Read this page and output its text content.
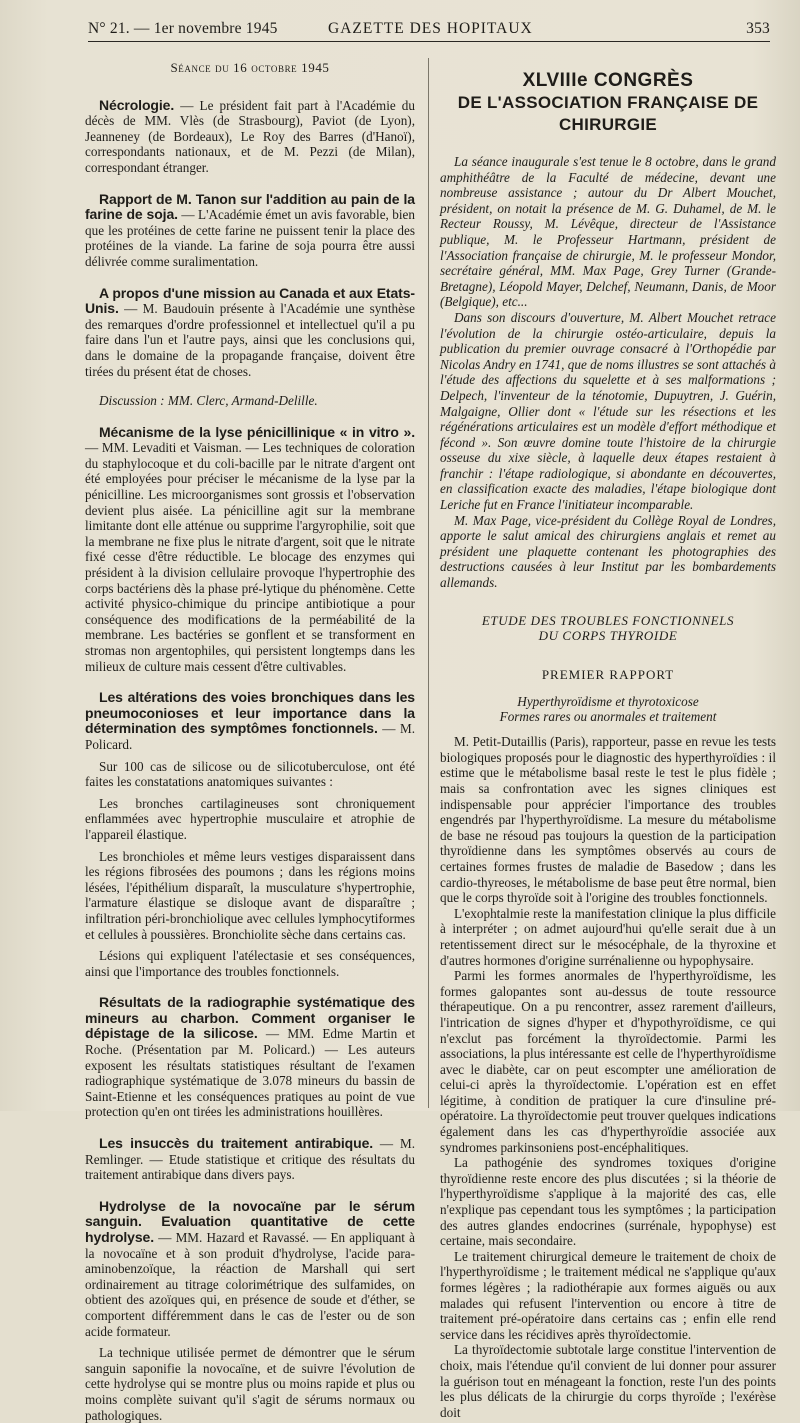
N° 21. — 1er novembre 1945	GAZETTE DES HOPITAUX	353

Séance du 16 octobre 1945

Nécrologie. — Le président fait part à l'Académie du décès de MM. Vlès (de Strasbourg), Paviot (de Lyon), Jeanneney (de Bordeaux), Le Roy des Barres (d'Hanoï), correspondants nationaux, et de M. Pezzi (de Milan), correspondant étranger.

Rapport de M. Tanon sur l'addition au pain de la farine de soja. — L'Académie émet un avis favorable, bien que les protéines de cette farine ne puissent tenir la place des protéines de la viande. La farine de soja pourra être aussi délivrée comme suralimentation.

A propos d'une mission au Canada et aux Etats-Unis. — M. Baudouin présente à l'Académie une synthèse des remarques d'ordre professionnel et intellectuel qu'il a pu faire dans l'un et l'autre pays, ainsi que les conclusions qui, dans le domaine de la propagande française, doivent être tirées du présent état de choses.

Discussion : MM. Clerc, Armand-Delille.

Mécanisme de la lyse pénicillinique « in vitro ». — MM. Levaditi et Vaisman. — Les techniques de coloration du staphylocoque et du coli-bacille par le nitrate d'argent ont été employées pour préciser le mécanisme de la lyse par la pénicilline. Les microorganismes sont grossis et l'observation devient plus aisée. La pénicilline agit sur la membrane limitante dont elle atténue ou supprime l'argyrophilie, soit que la membrane ne fixe plus le nitrate d'argent, soit que le nitrate fixé cesse d'être réductible. Le blocage des enzymes qui président à la division cellulaire provoque l'hypertrophie des corps bactériens dès la phase pré-lytique du phénomène. Cette activité physico-chimique du principe antibiotique a pour conséquence des modifications de la perméabilité de la membrane. Les bactéries se gonflent et se transforment en stromas non argentophiles, qui persistent longtemps dans les milieux de culture mais cessent d'être cultivables.

Les altérations des voies bronchiques dans les pneumoconioses et leur importance dans la détermination des symptômes fonctionnels. — M. Policard.

Sur 100 cas de silicose ou de silicotuberculose, ont été faites les constatations anatomiques suivantes :

Les bronches cartilagineuses sont chroniquement enflammées avec hypertrophie musculaire et atrophie de l'appareil élastique.

Les bronchioles et même leurs vestiges disparaissent dans les régions fibrosées des poumons ; dans les régions moins lésées, l'épithélium disparaît, la musculature s'hypertrophie, l'armature élastique se disloque avant de disparaître ; infiltration péri-bronchiolique avec cellules lymphocytiformes et cellules à poussières. Bronchiolite sèche dans certains cas.

Lésions qui expliquent l'atélectasie et ses conséquences, ainsi que l'importance des troubles fonctionnels.

Résultats de la radiographie systématique des mineurs au charbon. Comment organiser le dépistage de la silicose. — MM. Edme Martin et Roche. (Présentation par M. Policard.) — Les auteurs exposent les résultats statistiques résultant de l'examen radiographique systématique de 3.078 mineurs du bassin de Saint-Etienne et les conséquences pratiques au point de vue protection qu'en ont tirées les administrations houillères.

Les insuccès du traitement antirabique. — M. Remlinger. — Etude statistique et critique des résultats du traitement antirabique dans divers pays.

Hydrolyse de la novocaïne par le sérum sanguin. Evaluation quantitative de cette hydrolyse. — MM. Hazard et Ravassé. — En appliquant à la novocaïne et à son produit d'hydrolyse, l'acide para-aminobenzoïque, la réaction de Marshall qui sert ordinairement au titrage colorimétrique des sulfamides, on obtient des azoïques qui, en présence de soude et d'éther, se comportent différemment dans le cas de l'ester ou de son acide formateur.

La technique utilisée permet de démontrer que le sérum sanguin saponifie la novocaïne, et de suivre l'évolution de cette hydrolyse qui se montre plus ou moins rapide et plus ou moins complète suivant qu'il s'agit de sérums normaux ou pathologiques.

XLVIIIe CONGRÈS

DE L'ASSOCIATION FRANÇAISE DE CHIRURGIE

La séance inaugurale s'est tenue le 8 octobre, dans le grand amphithéâtre de la Faculté de médecine, devant une nombreuse assistance ; autour du Dr Albert Mouchet, président, on notait la présence de M. G. Duhamel, de M. le Recteur Roussy, M. Lévêque, directeur de l'Assistance publique, M. le Professeur Hartmann, président de l'Association française de chirurgie, M. le professeur Mondor, secrétaire général, MM. Max Page, Grey Turner (Grande-Bretagne), Léopold Mayer, Delchef, Neumann, Danis, de Moor (Belgique), etc...

Dans son discours d'ouverture, M. Albert Mouchet retrace l'évolution de la chirurgie ostéo-articulaire, depuis la publication du premier ouvrage consacré à l'Orthopédie par Nicolas Andry en 1741, que de noms illustres se sont attachés à l'étude des affections du squelette et à ses malformations ; Delpech, l'inventeur de la ténotomie, Dupuytren, J. Guérin, Malgaigne, Ollier dont « l'étude sur les résections et les régénérations articulaires est un modèle d'effort méthodique et fécond ». Son œuvre domine toute l'histoire de la chirurgie osseuse du xixe siècle, à laquelle deux étapes restaient à franchir : l'étape radiologique, si abondante en découvertes, en classification exacte des maladies, l'étape biologique dont Leriche fut en France l'initiateur incomparable.

M. Max Page, vice-président du Collège Royal de Londres, apporte le salut amical des chirurgiens anglais et remet au président une plaquette contenant les photographies des destructions causées à leur Institut par les bombardements allemands.

ETUDE DES TROUBLES FONCTIONNELS

DU CORPS THYROIDE

PREMIER RAPPORT

Hyperthyroïdisme et thyrotoxicose

Formes rares ou anormales et traitement

M. Petit-Dutaillis (Paris), rapporteur, passe en revue les tests biologiques proposés pour le diagnostic des hyperthyroïdies : il estime que le métabolisme basal reste le test le plus fidèle ; mais sa confrontation avec les signes cliniques est indispensable pour apprécier l'importance des troubles engendrés par l'hyperthyroïdisme. La mesure du métabolisme de base ne résoud pas toujours la question de la participation thyroïdienne dans les symptômes observés au cours de certaines formes frustes de maladie de Basedow ; dans les cardio-thyreoses, le métabolisme de base peut être normal, bien que le corps thyroïde soit à l'origine des troubles fonctionnels.

L'exophtalmie reste la manifestation clinique la plus difficile à interpréter ; on admet aujourd'hui qu'elle serait due à un retentissement direct sur le mésocéphale, de la thyroxine et d'autres hormones d'origine surrénalienne ou hypophysaire.

Parmi les formes anormales de l'hyperthyroïdisme, les formes galopantes sont au-dessus de toute ressource thérapeutique. On a pu rencontrer, assez rarement d'ailleurs, l'intrication de signes d'hyper et d'hypothyroïdisme, ce qui n'exclut pas forcément la thyroïdectomie. Parmi les associations, la plus intéressante est celle de l'hyperthyroïdisme avec le diabète, car on peut escompter une amélioration de celui-ci après la thyroïdectomie. L'opération est en effet légitime, à condition de pratiquer la cure d'insuline pré-opératoire. La thyroïdectomie peut trouver quelques indications également dans les cas d'hyperthyroïdie associée aux syndromes parkinsoniens post-encéphalitiques.

La pathogénie des syndromes toxiques d'origine thyroïdienne reste encore des plus discutées ; si la théorie de l'hyperthyroïdisme s'applique à la majorité des cas, elle n'explique pas cependant tous les symptômes ; la participation des autres glandes endocrines (surrénale, hypophyse) est certaine, mais secondaire.

Le traitement chirurgical demeure le traitement de choix de l'hyperthyroïdisme ; le traitement médical ne s'applique qu'aux formes légères ; la radiothérapie aux formes aiguës ou aux malades qui refusent l'intervention ou encore à titre de traitement pré-opératoire dans certains cas ; enfin elle rend service dans les récidives après thyroïdectomie.

La thyroïdectomie subtotale large constitue l'intervention de choix, mais l'étendue qu'il convient de lui donner pour assurer la guérison tout en ménageant la fonction, reste l'un des points les plus délicats de la chirurgie du corps thyroïde ; l'exérèse doit
